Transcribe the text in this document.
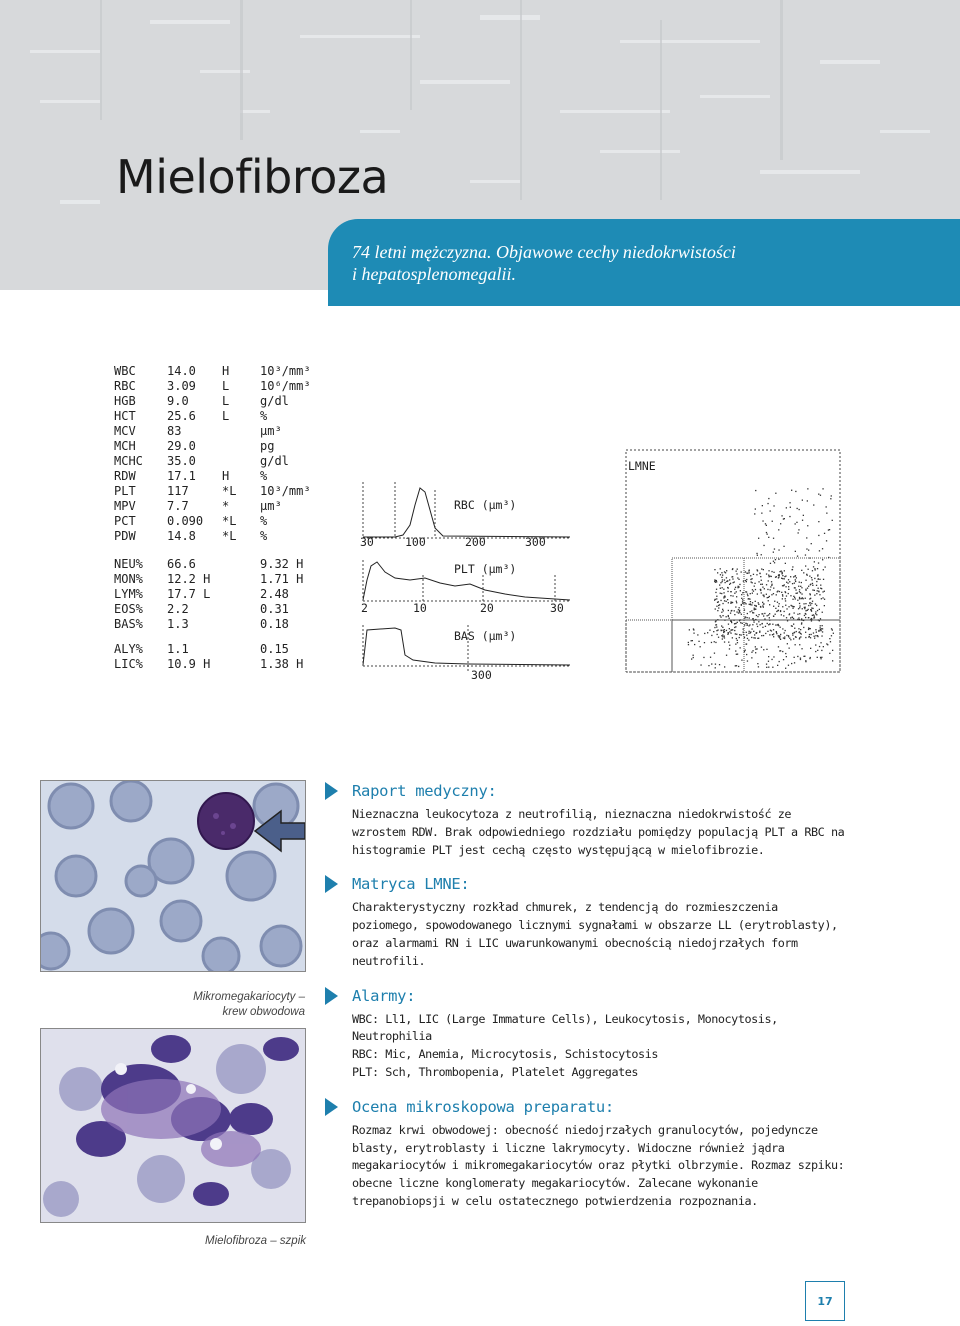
Mielofibroza
74 letni mężczyzna. Objawowe cechy niedokrwistości
i hepatosplenomegalii.
WBC	14.0 H	10³/mm³
RBC	3.09 L	10⁶/mm³
HGB	9.0	L	g/dl
HCT	25.6 L	%
MCV	83	µm³
MCH	29.0	pg
MCHC 35.0	g/dl
RDW	17.1 H	%
PLT	117	*L 10³/mm³
MPV	7.7	*	µm³
PCT	0.090 *L %
PDW	14.8 *L %
NEU% 66.6	9.32 H
MON% 12.2 H	1.71 H
LYM% 17.7 L	2.48
EOS% 2.2	0.31
BAS% 1.3	0.18
ALY% 1.1	0.15
LIC% 10.9 H	1.38 H
30	100	200	300
RBC (µm³)
2	10	20	30
PLT (µm³)
BAS (µm³)
300
LMNE
Mikromegakariocyty –
krew obwodowa
Mielofibroza – szpik
Raport medyczny:
Nieznaczna leukocytoza z neutrofilią, nieznaczna niedokrwistość ze wzrostem RDW. Brak odpowiedniego rozdziału pomiędzy populacją PLT a RBC na histogramie PLT jest cechą często występującą w mielofibrozie.
Matryca LMNE:
Charakterystyczny rozkład chmurek, z tendencją do rozmieszczenia poziomego, spowodowanego licznymi sygnałami w obszarze LL (erytroblasty), oraz alarmami RN i LIC uwarunkowanymi obecnością niedojrzałych form neutrofili.
Alarmy:
WBC: Ll1, LIC (Large Immature Cells), Leukocytosis, Monocytosis, Neutrophilia
RBC: Mic, Anemia, Microcytosis, Schistocytosis
PLT: Sch, Thrombopenia, Platelet Aggregates
Ocena mikroskopowa preparatu:
Rozmaz krwi obwodowej: obecność niedojrzałych granulocytów, pojedyncze blasty, erytroblasty i liczne lakrymocyty. Widoczne również jądra megakariocytów i mikromegakariocytów oraz płytki olbrzymie. Rozmaz szpiku: obecne liczne konglomeraty megakariocytów. Zalecane wykonanie trepanobiopsji w celu ostatecznego potwierdzenia rozpoznania.
17
